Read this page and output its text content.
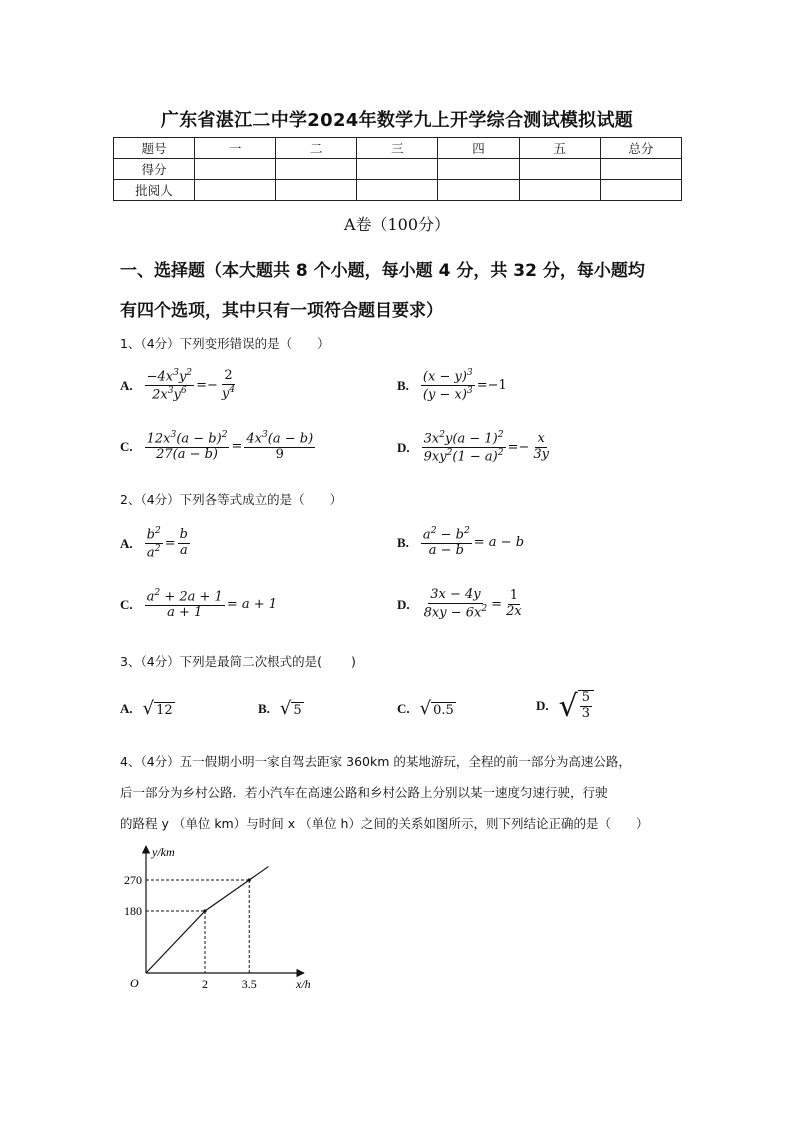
广东省湛江二中学2024年数学九上开学综合测试模拟试题
题号	一	二	三	四	五	总分
得分						
批阅人						
A卷（100分）
一、选择题（本大题共 8 个小题，每小题 4 分，共 32 分，每小题均
有四个选项，其中只有一项符合题目要求）
1、（4分）下列变形错误的是（　　）
A. $\frac{-4x^3y^2}{2x^3y^6} =- \frac{2}{y^4}$	B. $\frac{(x - y)^3}{(y - x)^3} =-1$
C. $\frac{12x^3(a - b)^2}{27(a - b)} = \frac{4x^3(a - b)}{9}$	D. $\frac{3x^2y(a - 1)^2}{9xy^2(1 - a)^2} =- \frac{x}{3y}$
2、（4分）下列各等式成立的是（　　）
A. $\frac{b^2}{a^2} = \frac{b}{a}$	B. $\frac{a^2 - b^2}{a - b} = a - b$
C. $\frac{a^2 + 2a + 1}{a + 1} = a + 1$	D. $\frac{3x - 4y}{8xy - 6x^2} = \frac{1}{2x}$
3、（4分）下列是最简二次根式的是(　　 )
A. √ 12	B. √ 5	C. √ 0.5	D. √ $\frac{5}{3}$
4、（4分）五一假期小明一家自驾去距家 360km 的某地游玩，全程的前一部分为高速公路，
后一部分为乡村公路．若小汽车在高速公路和乡村公路上分别以某一速度匀速行驶，行驶
的路程 y （单位 km）与时间 x （单位 h）之间的关系如图所示，则下列结论正确的是（　　）
2
180
3.5
270
y/km
x/h
O
